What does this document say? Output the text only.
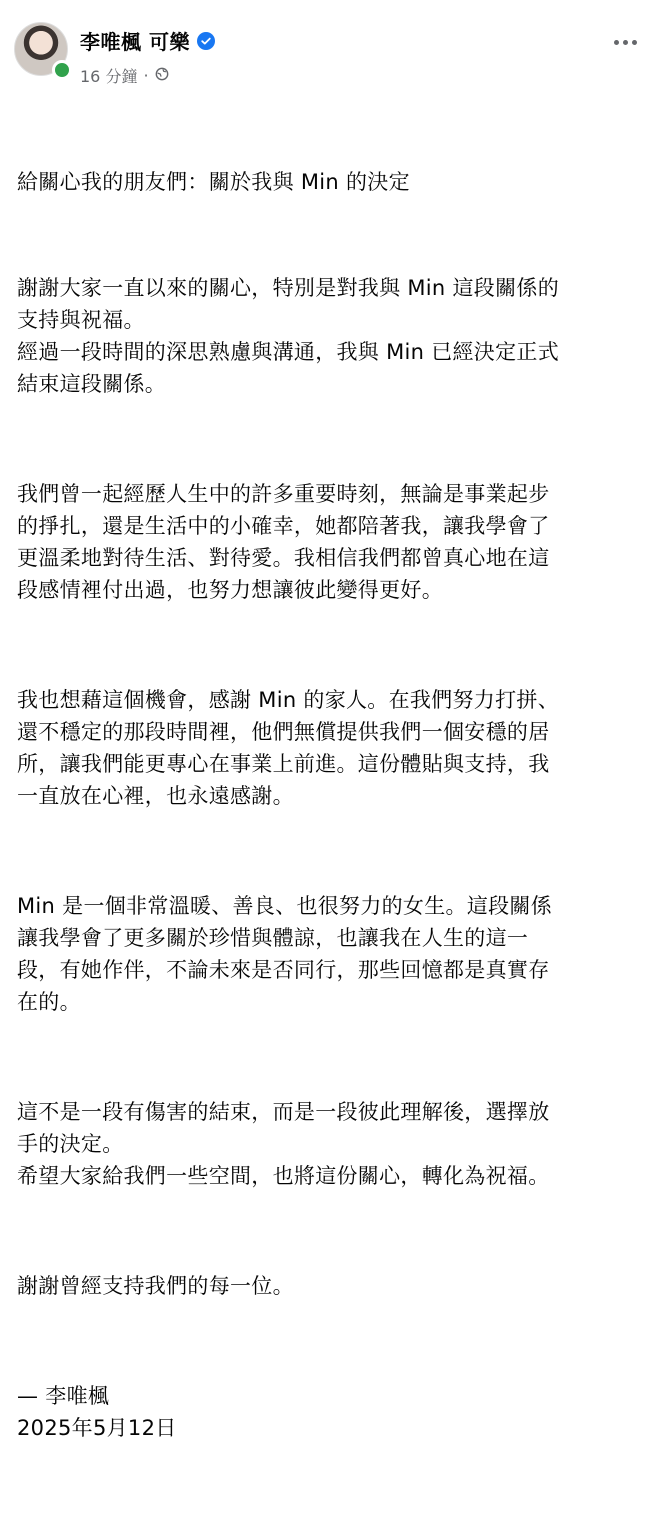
李唯楓 可樂
16 分鐘 ·

給關心我的朋友們：關於我與 Min 的決定

謝謝大家一直以來的關心，特別是對我與 Min 這段關係的
支持與祝福。
經過一段時間的深思熟慮與溝通，我與 Min 已經決定正式
結束這段關係。

我們曾一起經歷人生中的許多重要時刻，無論是事業起步
的掙扎，還是生活中的小確幸，她都陪著我，讓我學會了
更溫柔地對待生活、對待愛。我相信我們都曾真心地在這
段感情裡付出過，也努力想讓彼此變得更好。

我也想藉這個機會，感謝 Min 的家人。在我們努力打拼、
還不穩定的那段時間裡，他們無償提供我們一個安穩的居
所，讓我們能更專心在事業上前進。這份體貼與支持，我
一直放在心裡，也永遠感謝。

Min 是一個非常溫暖、善良、也很努力的女生。這段關係
讓我學會了更多關於珍惜與體諒，也讓我在人生的這一
段，有她作伴，不論未來是否同行，那些回憶都是真實存
在的。

這不是一段有傷害的結束，而是一段彼此理解後，選擇放
手的決定。
希望大家給我們一些空間，也將這份關心，轉化為祝福。

謝謝曾經支持我們的每一位。

— 李唯楓
2025年5月12日
